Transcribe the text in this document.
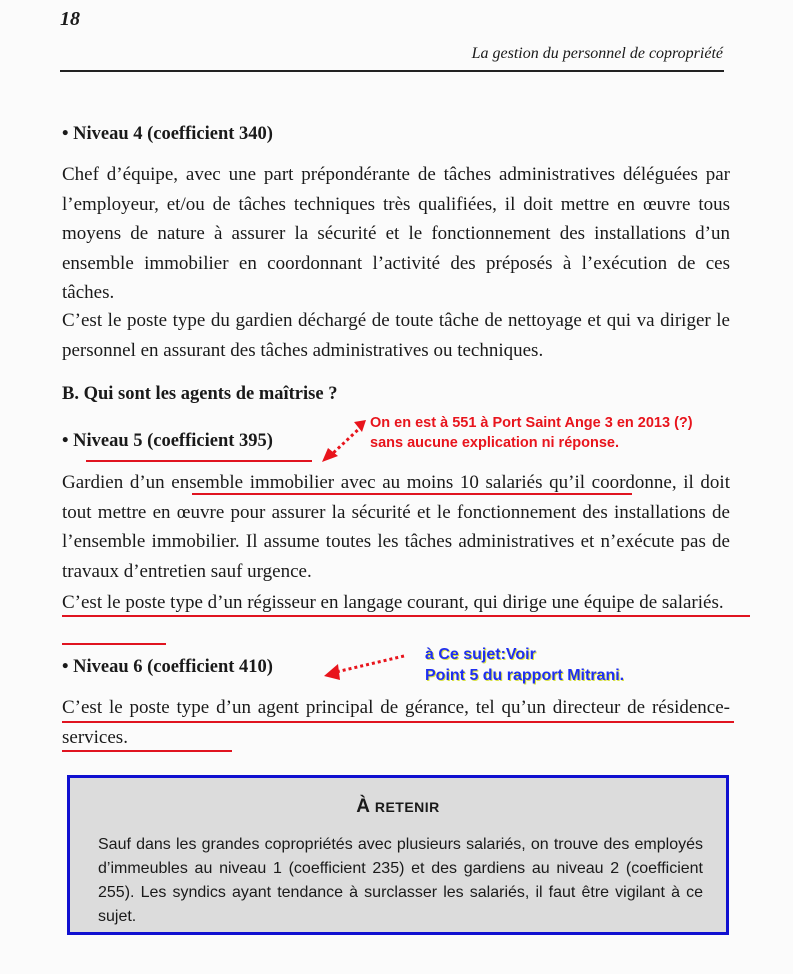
18
La gestion du personnel de copropriété
• Niveau 4 (coefficient 340)
Chef d’équipe, avec une part prépondérante de tâches administratives déléguées par l’employeur, et/ou de tâches techniques très qualifiées, il doit mettre en œuvre tous moyens de nature à assurer la sécurité et le fonctionnement des installations d’un ensemble immobilier en coordonnant l’activité des préposés à l’exécution de ces tâches.
C’est le poste type du gardien déchargé de toute tâche de nettoyage et qui va diriger le personnel en assurant des tâches administratives ou techniques.
B. Qui sont les agents de maîtrise ?
• Niveau 5 (coefficient 395)
On en est à 551 à Port Saint Ange 3 en 2013 (?)
sans aucune explication ni réponse.
Gardien d’un ensemble immobilier avec au moins 10 salariés qu’il coordonne, il doit tout mettre en œuvre pour assurer la sécurité et le fonctionnement des installations de l’ensemble immobilier. Il assume toutes les tâches administratives et n’exécute pas de travaux d’entretien sauf urgence.
C’est le poste type d’un régisseur en langage courant, qui dirige une équipe de salariés.
• Niveau 6 (coefficient 410)
à Ce sujet:Voir
Point 5 du rapport Mitrani.
C’est le poste type d’un agent principal de gérance, tel qu’un directeur de résidence-services.
À RETENIR
Sauf dans les grandes copropriétés avec plusieurs salariés, on trouve des employés d’immeubles au niveau 1 (coefficient 235) et des gardiens au niveau 2 (coefficient 255). Les syndics ayant tendance à surclasser les salariés, il faut être vigilant à ce sujet.
